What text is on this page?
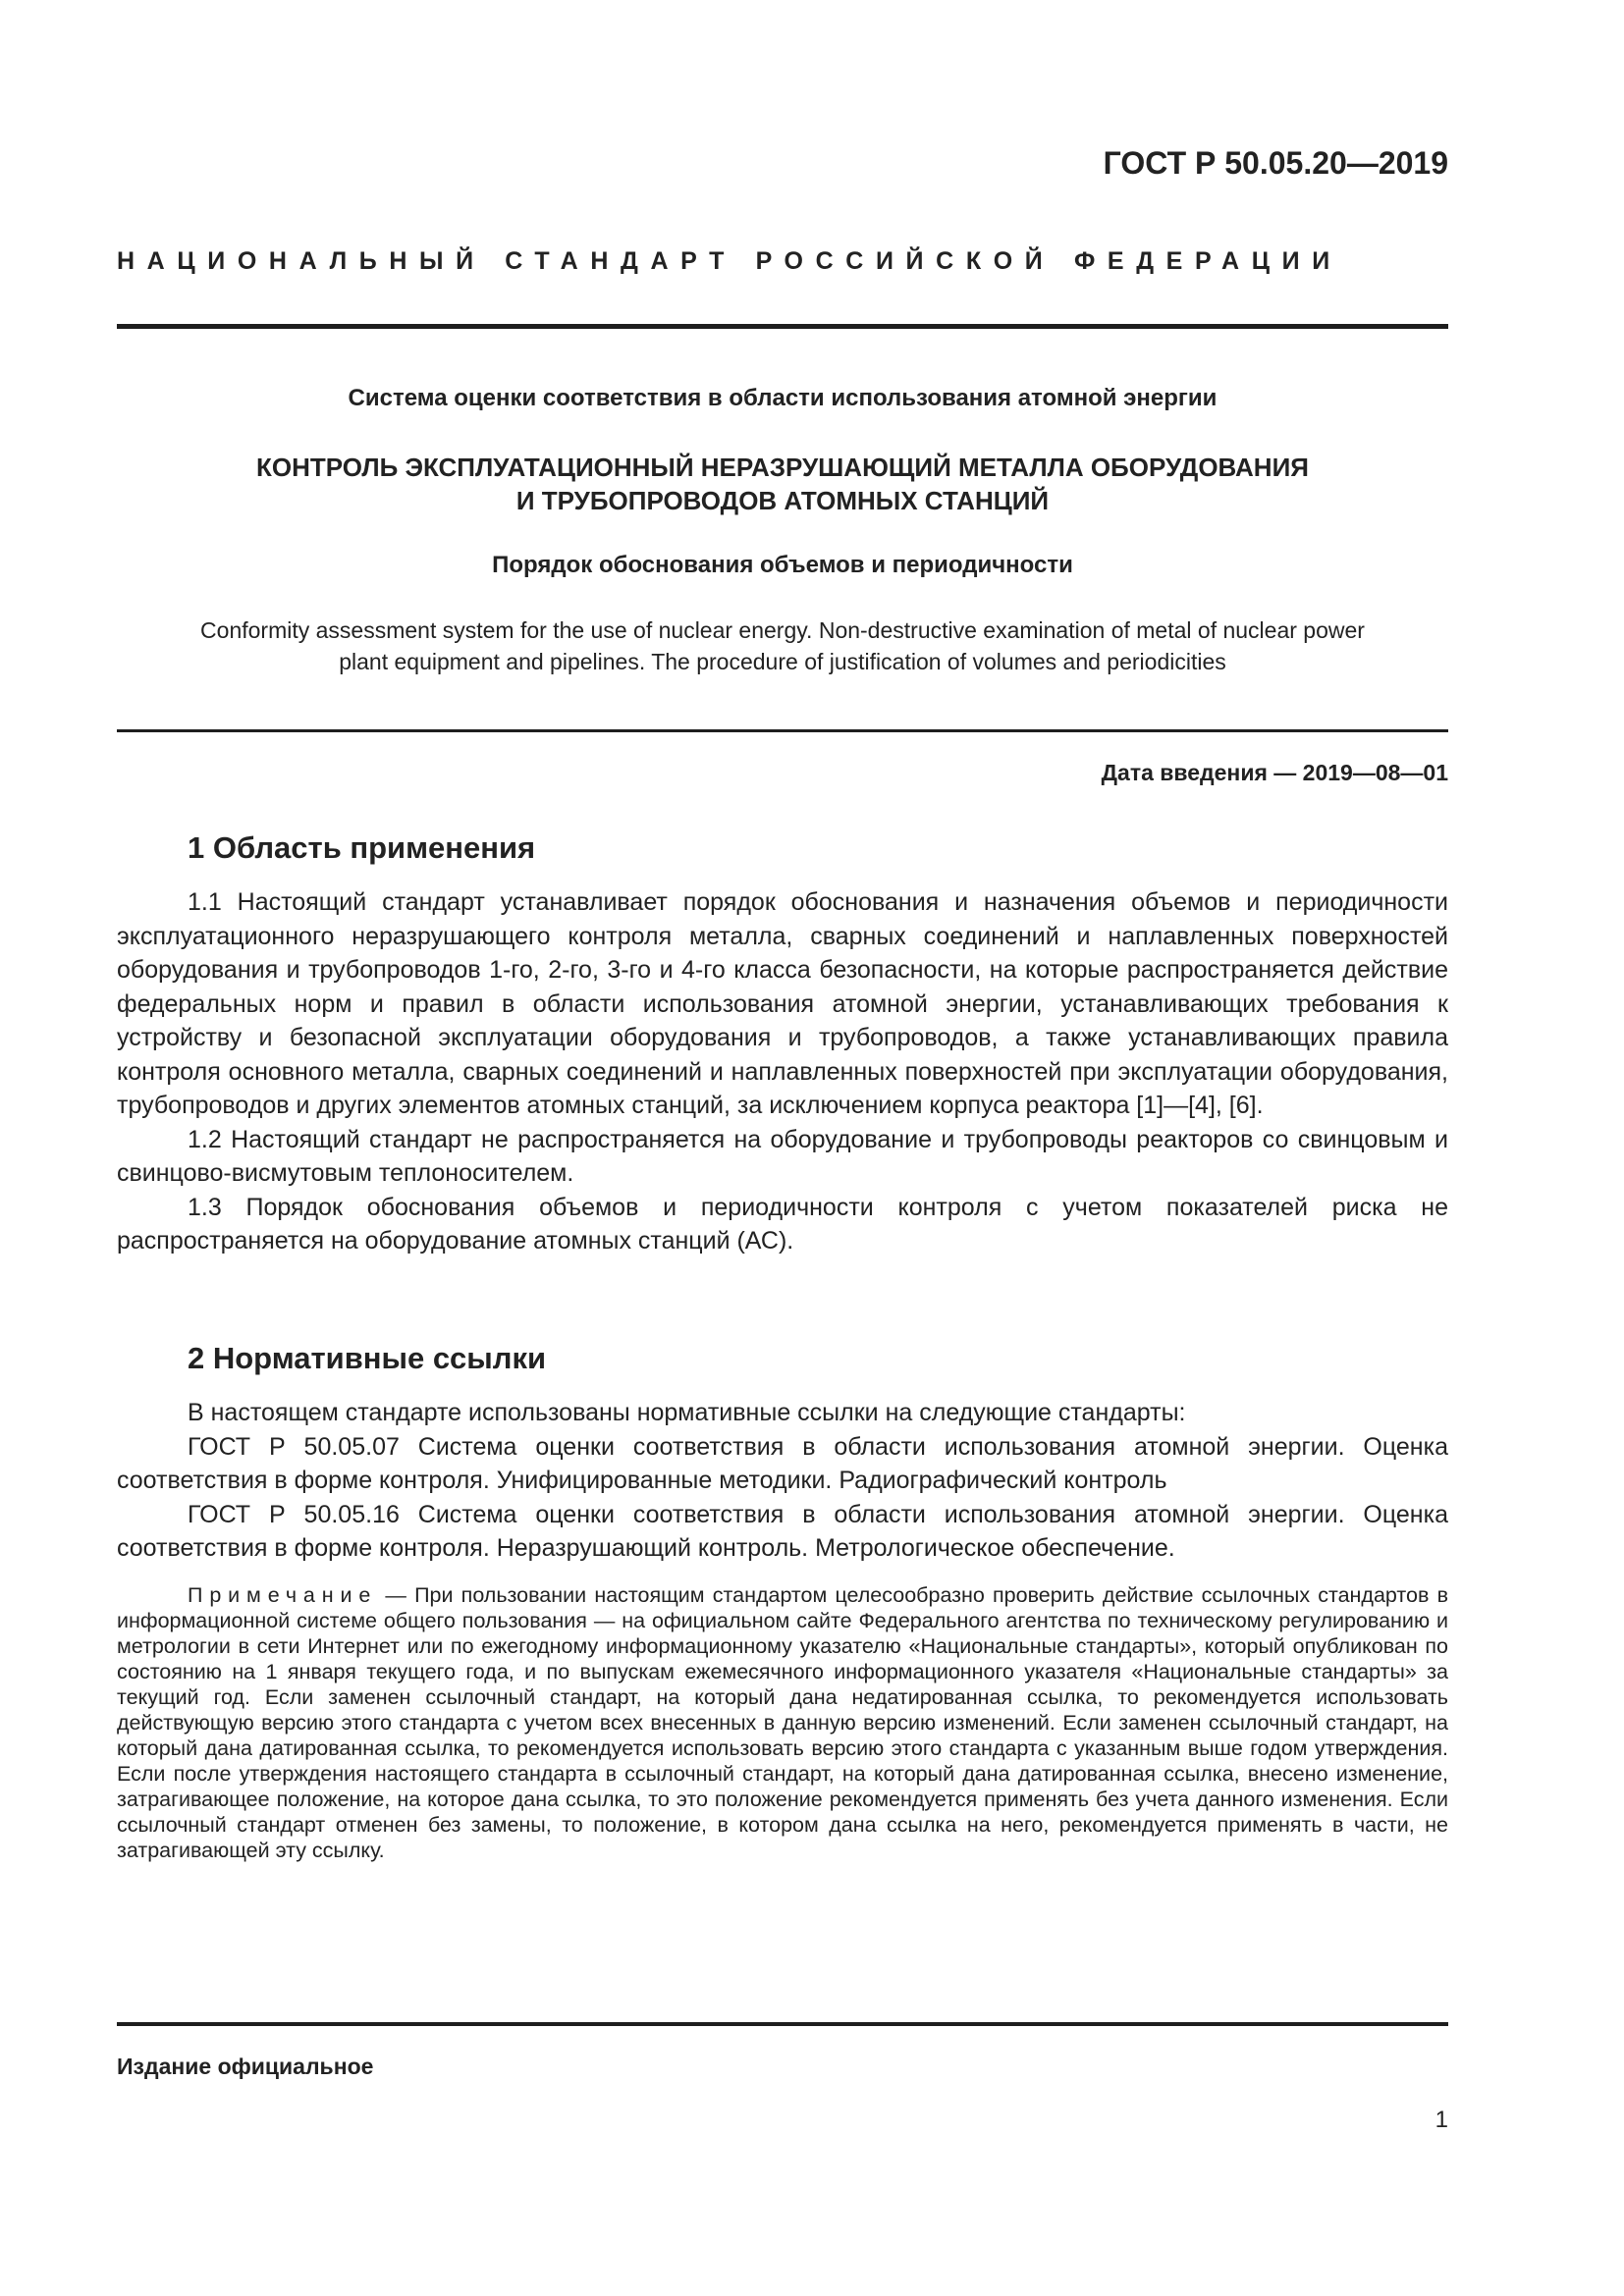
ГОСТ Р 50.05.20—2019
НАЦИОНАЛЬНЫЙ СТАНДАРТ РОССИЙСКОЙ ФЕДЕРАЦИИ
Система оценки соответствия в области использования атомной энергии
КОНТРОЛЬ ЭКСПЛУАТАЦИОННЫЙ НЕРАЗРУШАЮЩИЙ МЕТАЛЛА ОБОРУДОВАНИЯ
И ТРУБОПРОВОДОВ АТОМНЫХ СТАНЦИЙ
Порядок обоснования объемов и периодичности
Conformity assessment system for the use of nuclear energy. Non-destructive examination of metal of nuclear power
plant equipment and pipelines. The procedure of justification of volumes and periodicities
Дата введения — 2019—08—01
1 Область применения

1.1 Настоящий стандарт устанавливает порядок обоснования и назначения объемов и периодичности эксплуатационного неразрушающего контроля металла, сварных соединений и наплавленных поверхностей оборудования и трубопроводов 1-го, 2-го, 3-го и 4-го класса безопасности, на которые распространяется действие федеральных норм и правил в области использования атомной энергии, устанавливающих требования к устройству и безопасной эксплуатации оборудования и трубопроводов, а также устанавливающих правила контроля основного металла, сварных соединений и наплавленных поверхностей при эксплуатации оборудования, трубопроводов и других элементов атомных станций, за исключением корпуса реактора [1]—[4], [6].

1.2 Настоящий стандарт не распространяется на оборудование и трубопроводы реакторов со свинцовым и свинцово-висмутовым теплоносителем.

1.3 Порядок обоснования объемов и периодичности контроля с учетом показателей риска не распространяется на оборудование атомных станций (АС).

2 Нормативные ссылки

В настоящем стандарте использованы нормативные ссылки на следующие стандарты:

ГОСТ Р 50.05.07 Система оценки соответствия в области использования атомной энергии. Оценка соответствия в форме контроля. Унифицированные методики. Радиографический контроль

ГОСТ Р 50.05.16 Система оценки соответствия в области использования атомной энергии. Оценка соответствия в форме контроля. Неразрушающий контроль. Метрологическое обеспечение.

Примечание — При пользовании настоящим стандартом целесообразно проверить действие ссылочных стандартов в информационной системе общего пользования — на официальном сайте Федерального агентства по техническому регулированию и метрологии в сети Интернет или по ежегодному информационному указателю «Национальные стандарты», который опубликован по состоянию на 1 января текущего года, и по выпускам ежемесячного информационного указателя «Национальные стандарты» за текущий год. Если заменен ссылочный стандарт, на который дана недатированная ссылка, то рекомендуется использовать действующую версию этого стандарта с учетом всех внесенных в данную версию изменений. Если заменен ссылочный стандарт, на который дана датированная ссылка, то рекомендуется использовать версию этого стандарта с указанным выше годом утверждения. Если после утверждения настоящего стандарта в ссылочный стандарт, на который дана датированная ссылка, внесено изменение, затрагивающее положение, на которое дана ссылка, то это положение рекомендуется применять без учета данного изменения. Если ссылочный стандарт отменен без замены, то положение, в котором дана ссылка на него, рекомендуется применять в части, не затрагивающей эту ссылку.

Издание официальное
1
